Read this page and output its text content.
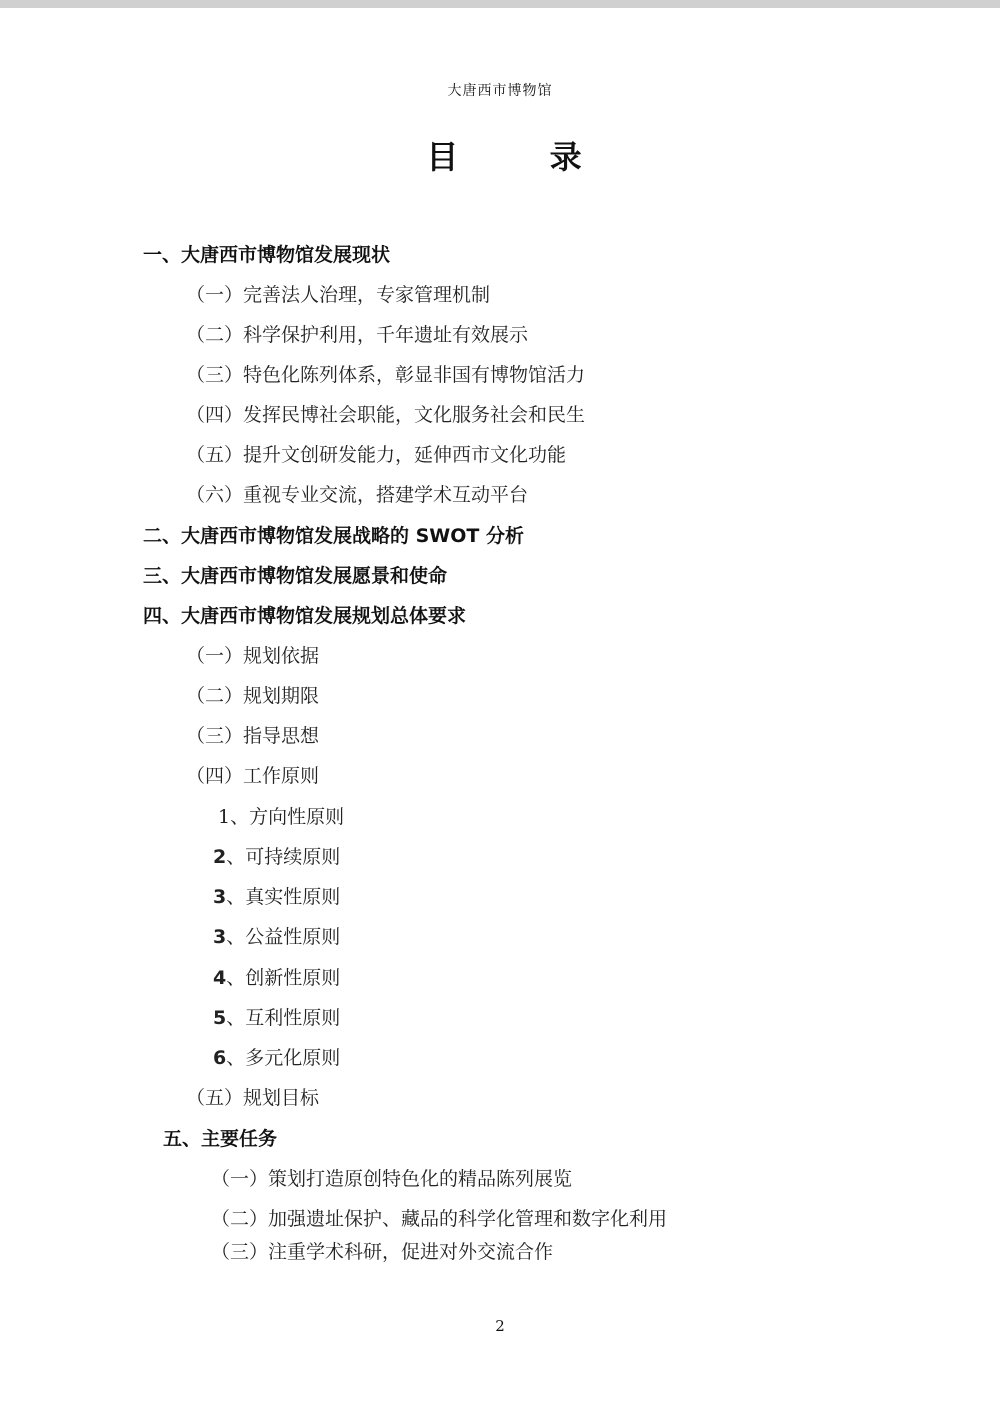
大唐西市博物馆
目 录
一、大唐西市博物馆发展现状
（一）完善法人治理，专家管理机制
（二）科学保护利用，千年遗址有效展示
（三）特色化陈列体系，彰显非国有博物馆活力
（四）发挥民博社会职能，文化服务社会和民生
（五）提升文创研发能力，延伸西市文化功能
（六）重视专业交流，搭建学术互动平台
二、大唐西市博物馆发展战略的 SWOT 分析
三、大唐西市博物馆发展愿景和使命
四、大唐西市博物馆发展规划总体要求
（一）规划依据
（二）规划期限
（三）指导思想
（四）工作原则
1、方向性原则
2、可持续原则
3、真实性原则
3、公益性原则
4、创新性原则
5、互利性原则
6、多元化原则
（五）规划目标
五、主要任务
（一）策划打造原创特色化的精品陈列展览
（二）加强遗址保护、藏品的科学化管理和数字化利用
（三）注重学术科研，促进对外交流合作
2
